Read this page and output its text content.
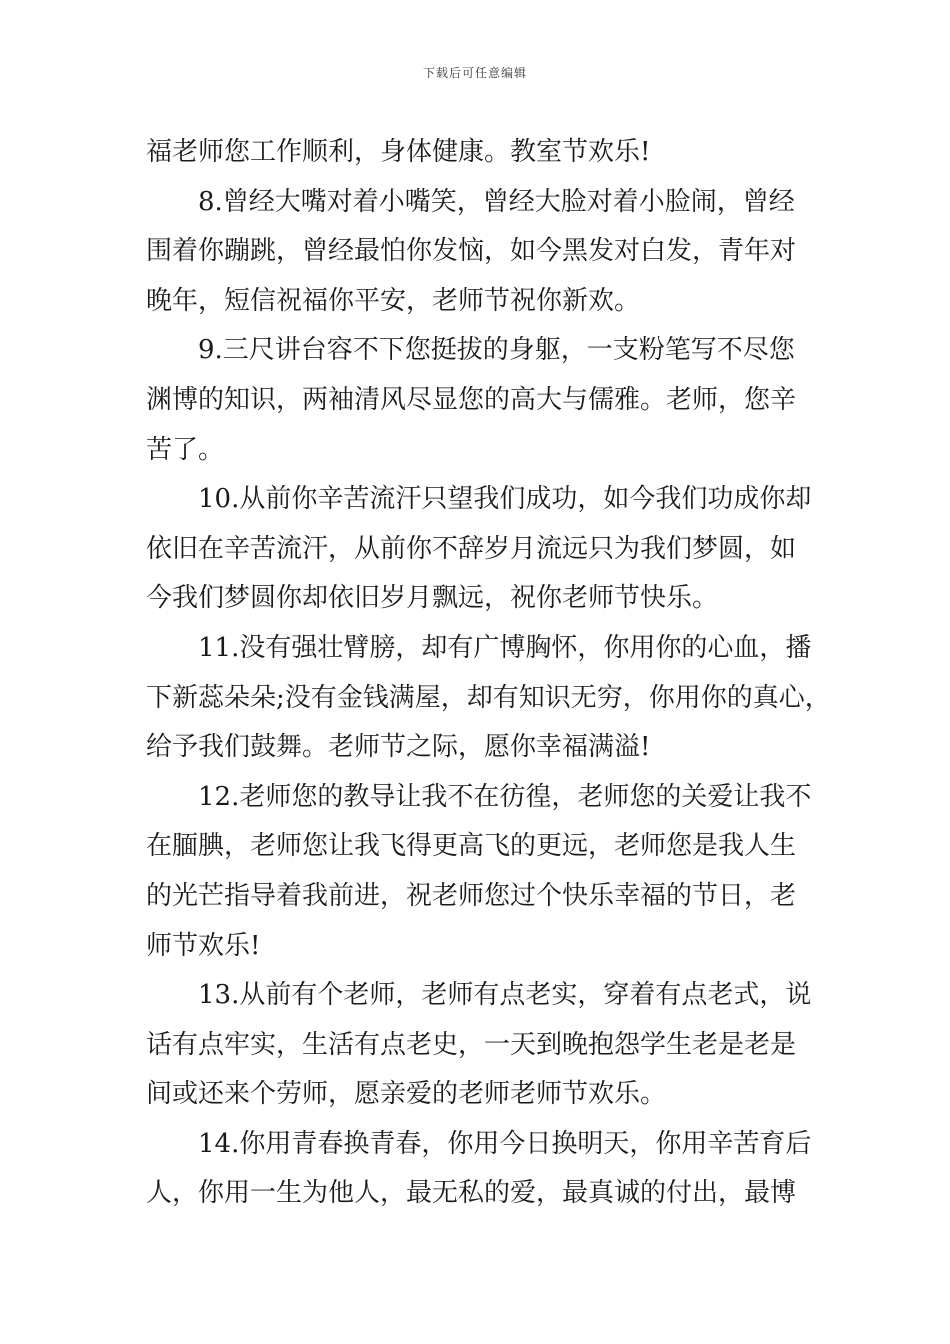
下载后可任意编辑
福老师您工作顺利，身体健康。教室节欢乐!
8.曾经大嘴对着小嘴笑，曾经大脸对着小脸闹，曾经
围着你蹦跳，曾经最怕你发恼，如今黑发对白发，青年对
晚年，短信祝福你平安，老师节祝你新欢。
9.三尺讲台容不下您挺拔的身躯，一支粉笔写不尽您
渊博的知识，两袖清风尽显您的高大与儒雅。老师，您辛
苦了。
10.从前你辛苦流汗只望我们成功，如今我们功成你却
依旧在辛苦流汗，从前你不辞岁月流远只为我们梦圆，如
今我们梦圆你却依旧岁月飘远，祝你老师节快乐。
11.没有强壮臂膀，却有广博胸怀，你用你的心血，播
下新蕊朵朵;没有金钱满屋，却有知识无穷，你用你的真心，
给予我们鼓舞。老师节之际，愿你幸福满溢!
12.老师您的教导让我不在彷徨，老师您的关爱让我不
在腼腆，老师您让我飞得更高飞的更远，老师您是我人生
的光芒指导着我前进，祝老师您过个快乐幸福的节日，老
师节欢乐!
13.从前有个老师，老师有点老实，穿着有点老式，说
话有点牢实，生活有点老史，一天到晚抱怨学生老是老是
间或还来个劳师，愿亲爱的老师老师节欢乐。
14.你用青春换青春，你用今日换明天，你用辛苦育后
人，你用一生为他人，最无私的爱，最真诚的付出，最博
